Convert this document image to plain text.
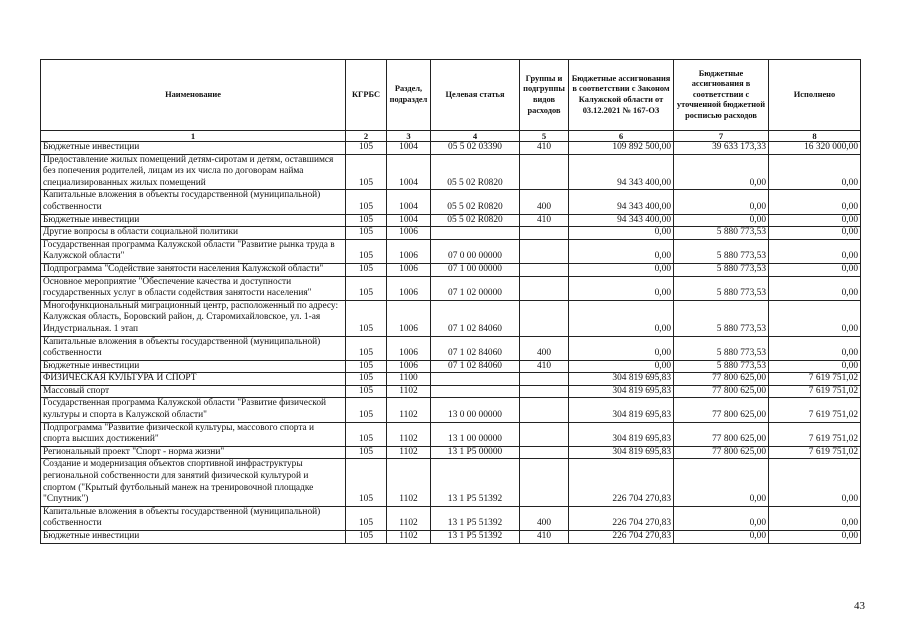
Наименование	КГРБС	Раздел, подраздел	Целевая статья	Группы и подгруппы видов расходов	Бюджетные ассигнования в соответствии с Законом Калужской области от 03.12.2021 № 167-ОЗ	Бюджетные ассигнования в соответствии с уточненной бюджетной росписью расходов	Исполнено
1	2	3	4	5	6	7	8
Бюджетные инвестиции	105	1004	05 5 02 03390	410	109 892 500,00	39 633 173,33	16 320 000,00
Предоставление жилых помещений детям-сиротам и детям, оставшимся без попечения родителей, лицам из их числа по договорам найма специализированных жилых помещений	105	1004	05 5 02 R0820		94 343 400,00	0,00	0,00
Капитальные вложения в объекты государственной (муниципальной) собственности	105	1004	05 5 02 R0820	400	94 343 400,00	0,00	0,00
Бюджетные инвестиции	105	1004	05 5 02 R0820	410	94 343 400,00	0,00	0,00
Другие вопросы в области социальной политики	105	1006			0,00	5 880 773,53	0,00
Государственная программа Калужской области "Развитие рынка труда в Калужской области"	105	1006	07 0 00 00000		0,00	5 880 773,53	0,00
Подпрограмма "Содействие занятости населения Калужской области"	105	1006	07 1 00 00000		0,00	5 880 773,53	0,00
Основное мероприятие "Обеспечение качества и доступности государственных услуг в области содействия занятости населения"	105	1006	07 1 02 00000		0,00	5 880 773,53	0,00
Многофункциональный миграционный центр, расположенный по адресу: Калужская область, Боровский район, д. Старомихайловское, ул. 1-ая Индустриальная. 1 этап	105	1006	07 1 02 84060		0,00	5 880 773,53	0,00
Капитальные вложения в объекты государственной (муниципальной) собственности	105	1006	07 1 02 84060	400	0,00	5 880 773,53	0,00
Бюджетные инвестиции	105	1006	07 1 02 84060	410	0,00	5 880 773,53	0,00
ФИЗИЧЕСКАЯ КУЛЬТУРА И СПОРТ	105	1100			304 819 695,83	77 800 625,00	7 619 751,02
Массовый спорт	105	1102			304 819 695,83	77 800 625,00	7 619 751,02
Государственная программа Калужской области "Развитие физической культуры и спорта в Калужской области"	105	1102	13 0 00 00000		304 819 695,83	77 800 625,00	7 619 751,02
Подпрограмма "Развитие физической культуры, массового спорта и спорта высших достижений"	105	1102	13 1 00 00000		304 819 695,83	77 800 625,00	7 619 751,02
Региональный проект "Спорт - норма жизни"	105	1102	13 1 P5 00000		304 819 695,83	77 800 625,00	7 619 751,02
Создание и модернизация объектов спортивной инфраструктуры региональной собственности для занятий физической культурой и спортом ("Крытый футбольный манеж на тренировочной площадке "Спутник")	105	1102	13 1 P5 51392		226 704 270,83	0,00	0,00
Капитальные вложения в объекты государственной (муниципальной) собственности	105	1102	13 1 P5 51392	400	226 704 270,83	0,00	0,00
Бюджетные инвестиции	105	1102	13 1 P5 51392	410	226 704 270,83	0,00	0,00
43
